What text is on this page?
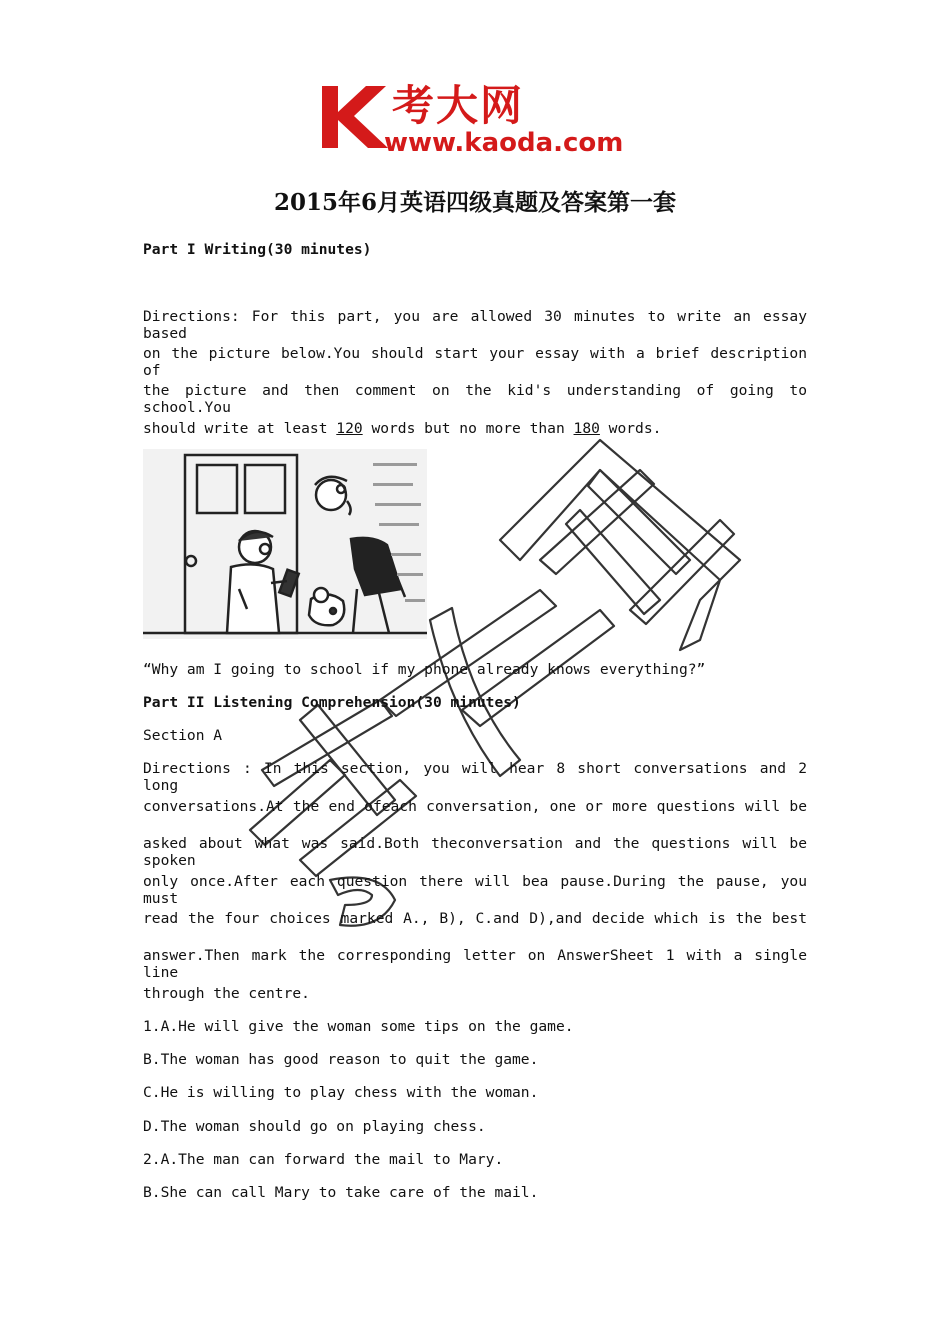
考大网
www.kaoda.com
2015年6月英语四级真题及答案第一套
Part I Writing(30 minutes)
Directions: For this part, you are allowed 30 minutes to write an essay based
on the picture below.You should start your essay with a brief description of
the picture and then comment on the kid's understanding of going to school.You
should write at least 120 words but no more than 180 words.
“Why am I going to school if my phone already knows everything?”
Part II Listening Comprehension(30 minutes)
Section A
Directions : In this section, you will hear 8 short conversations and 2 long
conversations.At the end ofeach conversation, one or more questions will be
asked about what was said.Both theconversation and the questions will be spoken
only once.After each question there will bea pause.During the pause, you must
read the four choices marked A., B), C.and D),and decide which is the best
answer.Then mark the corresponding letter on AnswerSheet 1 with a single line
through the centre.
1.A.He will give the woman some tips on the game.
B.The woman has good reason to quit the game.
C.He is willing to play chess with the woman.
D.The woman should go on playing chess.
2.A.The man can forward the mail to Mary.
B.She can call Mary to take care of the mail.
